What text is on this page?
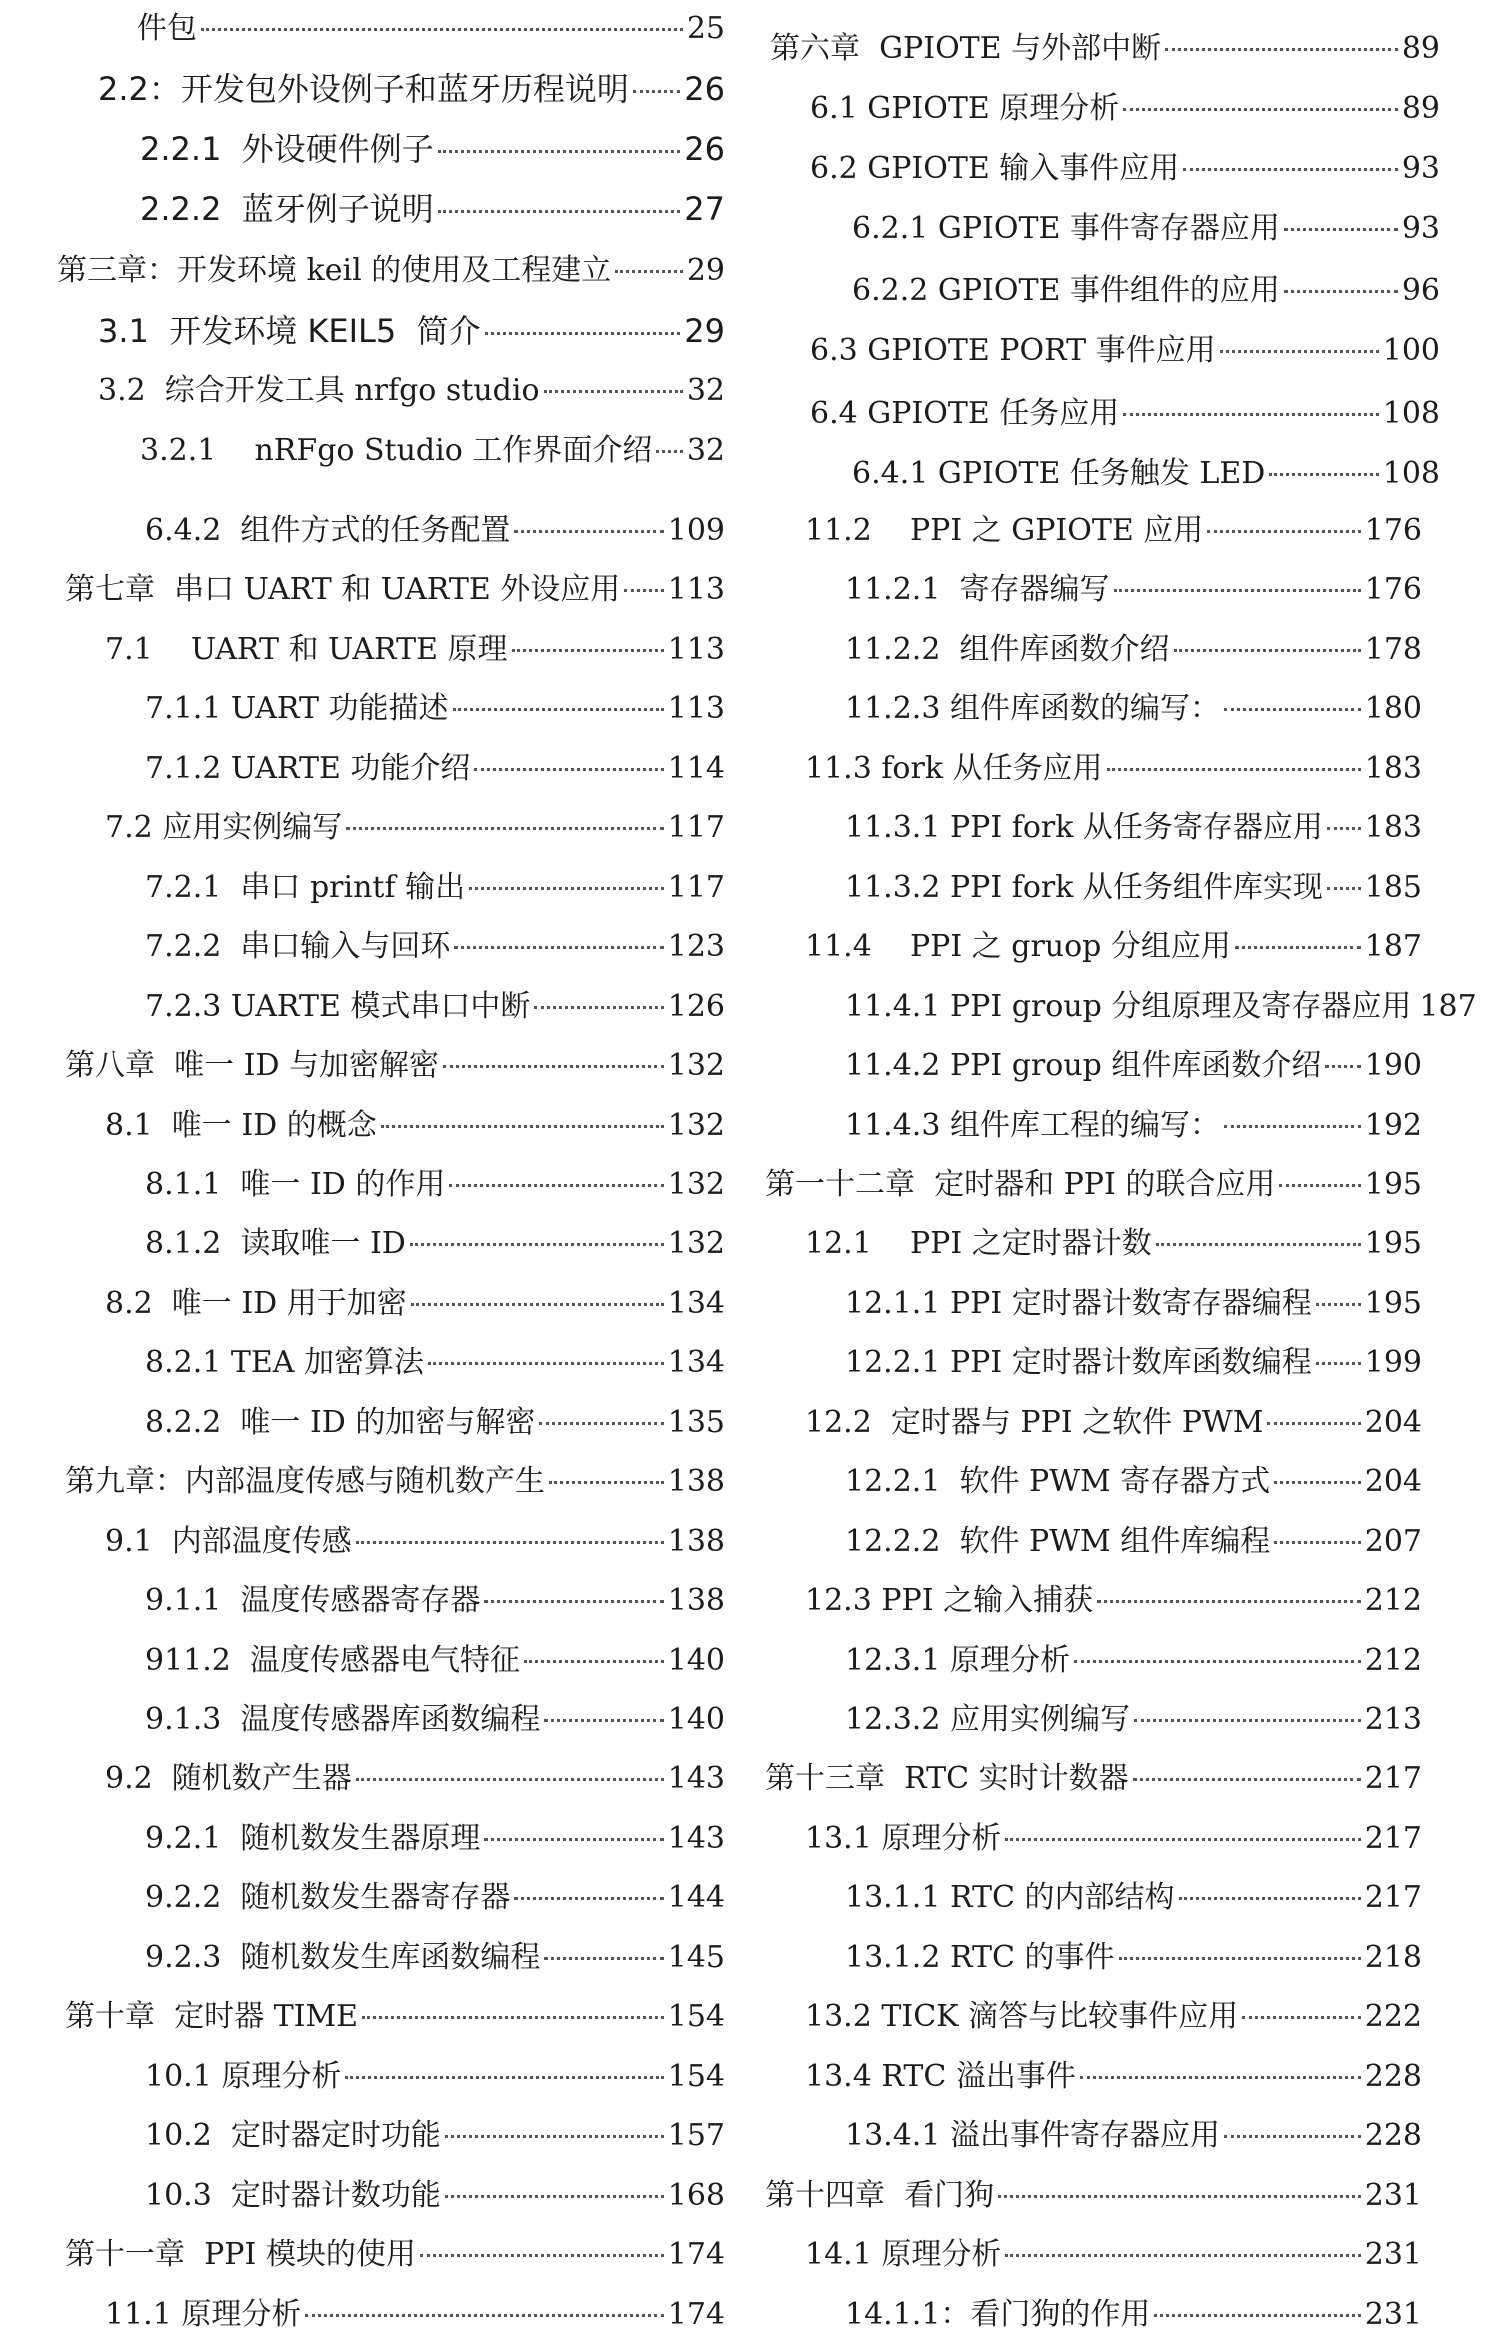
件包	25
2.2：开发包外设例子和蓝牙历程说明 26
2.2.1  外设硬件例子	26
2.2.2  蓝牙例子说明	27
第三章：开发环境 keil 的使用及工程建立	29
3.1  开发环境 KEIL5  简介	29
3.2  综合开发工具 nrfgo studio	32
3.2.1    nRFgo Studio 工作界面介绍 32
第六章  GPIOTE 与外部中断	89
6.1 GPIOTE 原理分析	89
6.2 GPIOTE 输入事件应用	93
6.2.1 GPIOTE 事件寄存器应用	93
6.2.2 GPIOTE 事件组件的应用	96
6.3 GPIOTE PORT 事件应用	100
6.4 GPIOTE 任务应用	108
6.4.1 GPIOTE 任务触发 LED	108
6.4.2  组件方式的任务配置	109
第七章  串口 UART 和 UARTE 外设应用 113
7.1    UART 和 UARTE 原理	113
7.1.1 UART 功能描述	113
7.1.2 UARTE 功能介绍	114
7.2 应用实例编写	117
7.2.1  串口 printf 输出	117
7.2.2  串口输入与回环	123
7.2.3 UARTE 模式串口中断	126
第八章  唯一 ID 与加密解密	132
8.1  唯一 ID 的概念	132
8.1.1  唯一 ID 的作用	132
8.1.2  读取唯一 ID	132
8.2  唯一 ID 用于加密	134
8.2.1 TEA 加密算法	134
8.2.2  唯一 ID 的加密与解密	135
第九章：内部温度传感与随机数产生	138
9.1  内部温度传感	138
9.1.1  温度传感器寄存器	138
911.2  温度传感器电气特征	140
9.1.3  温度传感器库函数编程	140
9.2  随机数产生器	143
9.2.1  随机数发生器原理	143
9.2.2  随机数发生器寄存器	144
9.2.3  随机数发生库函数编程	145
第十章  定时器 TIME	154
10.1 原理分析	154
10.2  定时器定时功能	157
10.3  定时器计数功能	168
第十一章  PPI 模块的使用	174
11.1 原理分析	174
11.2    PPI 之 GPIOTE 应用	176
11.2.1  寄存器编写	176
11.2.2  组件库函数介绍	178
11.2.3 组件库函数的编写：	180
11.3 fork 从任务应用	183
11.3.1 PPI fork 从任务寄存器应用 183
11.3.2 PPI fork 从任务组件库实现 185
11.4    PPI 之 gruop 分组应用	187
11.4.1 PPI group 分组原理及寄存器应用 187
11.4.2 PPI group 组件库函数介绍 190
11.4.3 组件库工程的编写：	192
第一十二章  定时器和 PPI 的联合应用	195
12.1    PPI 之定时器计数	195
12.1.1 PPI 定时器计数寄存器编程 195
12.2.1 PPI 定时器计数库函数编程 199
12.2  定时器与 PPI 之软件 PWM	204
12.2.1  软件 PWM 寄存器方式	204
12.2.2  软件 PWM 组件库编程	207
12.3 PPI 之输入捕获	212
12.3.1 原理分析	212
12.3.2 应用实例编写	213
第十三章  RTC 实时计数器	217
13.1 原理分析	217
13.1.1 RTC 的内部结构	217
13.1.2 RTC 的事件	218
13.2 TICK 滴答与比较事件应用	222
13.4 RTC 溢出事件	228
13.4.1 溢出事件寄存器应用	228
第十四章  看门狗	231
14.1 原理分析	231
14.1.1：看门狗的作用	231
